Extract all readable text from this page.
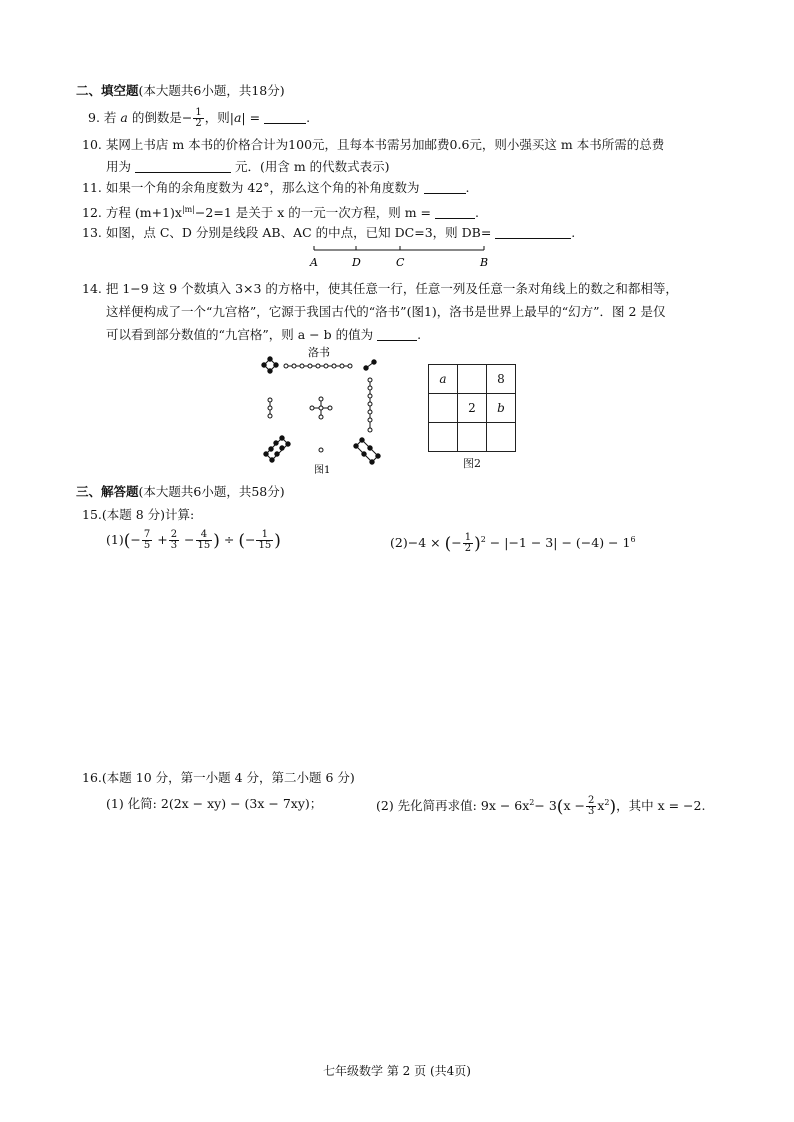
二、填空题(本大题共6小题，共18分)
9. 若 a 的倒数是− $\frac{1}{2}$ ，则|a| =	.
10. 某网上书店 m 本书的价格合计为100元，且每本书需另加邮费0.6元，则小强买这 m 本书所需的总费
用为	元．(用含 m 的代数式表示)
11. 如果一个角的余角度数为 42°，那么这个角的补角度数为	.
12. 方程 $(m+1)x^{|m|}-2=1$ 是关于 x 的一元一次方程，则 m =	.
13. 如图，点 C、D 分别是线段 AB、AC 的中点，已知 DC=3，则 DB=	.
A	D	C	B
14. 把 1−9 这 9 个数填入 3×3 的方格中，使其任意一行，任意一列及任意一条对角线上的数之和都相等，
这样便构成了一个“九宫格”，它源于我国古代的“洛书”(图1)，洛书是世界上最早的“幻方”．图 2 是仅
可以看到部分数值的“九宫格”，则 a − b 的值为	.
洛书
图1
a		8
	2	b

图2
三、解答题(本大题共6小题，共58分)
15.(本题 8 分)计算:
$(1)(- \frac{7}{5} + \frac{2}{3} - \frac{4}{15}$ ) ÷ (− $\frac{1}{15}$ )	(2)−4 × (− $\frac{1}{2} )^2 - |-1 - 3| - (-4) - 1^6$
16.(本题 10 分，第一小题 4 分，第二小题 6 分)
(1) 化简: 2(2x − xy) − (3x − 7xy)；	(2) 先化简再求值: $9x - 6x^2- 3(x - \frac{2}{3} x^2)$，其中 x = −2.
七年级数学 第 2 页 (共4页)
